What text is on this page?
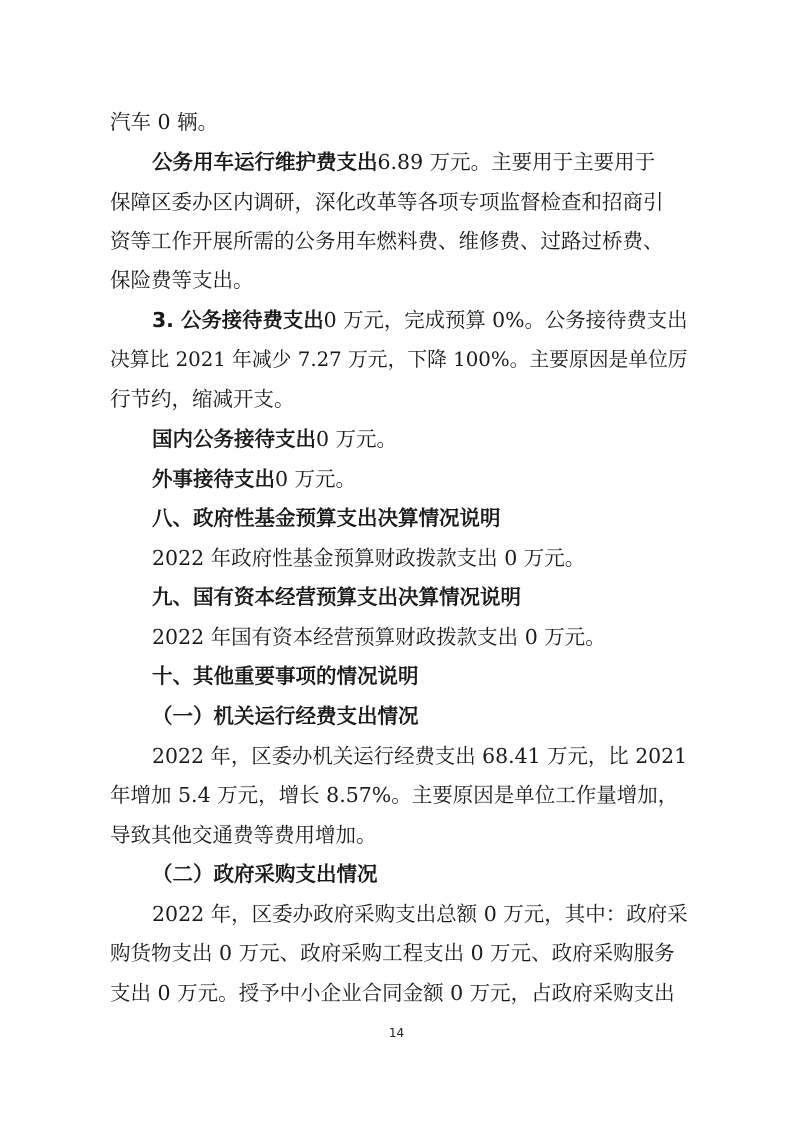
汽车 0 辆。
公务用车运行维护费支出6.89 万元。主要用于主要用于
保障区委办区内调研，深化改革等各项专项监督检查和招商引
资等工作开展所需的公务用车燃料费、维修费、过路过桥费、
保险费等支出。
3. 公务接待费支出0 万元，完成预算 0%。公务接待费支出
决算比 2021 年减少 7.27 万元，下降 100%。主要原因是单位厉
行节约，缩减开支。
国内公务接待支出0 万元。
外事接待支出0 万元。
八、政府性基金预算支出决算情况说明
2022 年政府性基金预算财政拨款支出 0 万元。
九、国有资本经营预算支出决算情况说明
2022 年国有资本经营预算财政拨款支出 0 万元。
十、其他重要事项的情况说明
（一）机关运行经费支出情况
2022 年，区委办机关运行经费支出 68.41 万元，比 2021
年增加 5.4 万元，增长 8.57%。主要原因是单位工作量增加，
导致其他交通费等费用增加。
（二）政府采购支出情况
2022 年，区委办政府采购支出总额 0 万元，其中：政府采
购货物支出 0 万元、政府采购工程支出 0 万元、政府采购服务
支出 0 万元。授予中小企业合同金额 0 万元，占政府采购支出
14
